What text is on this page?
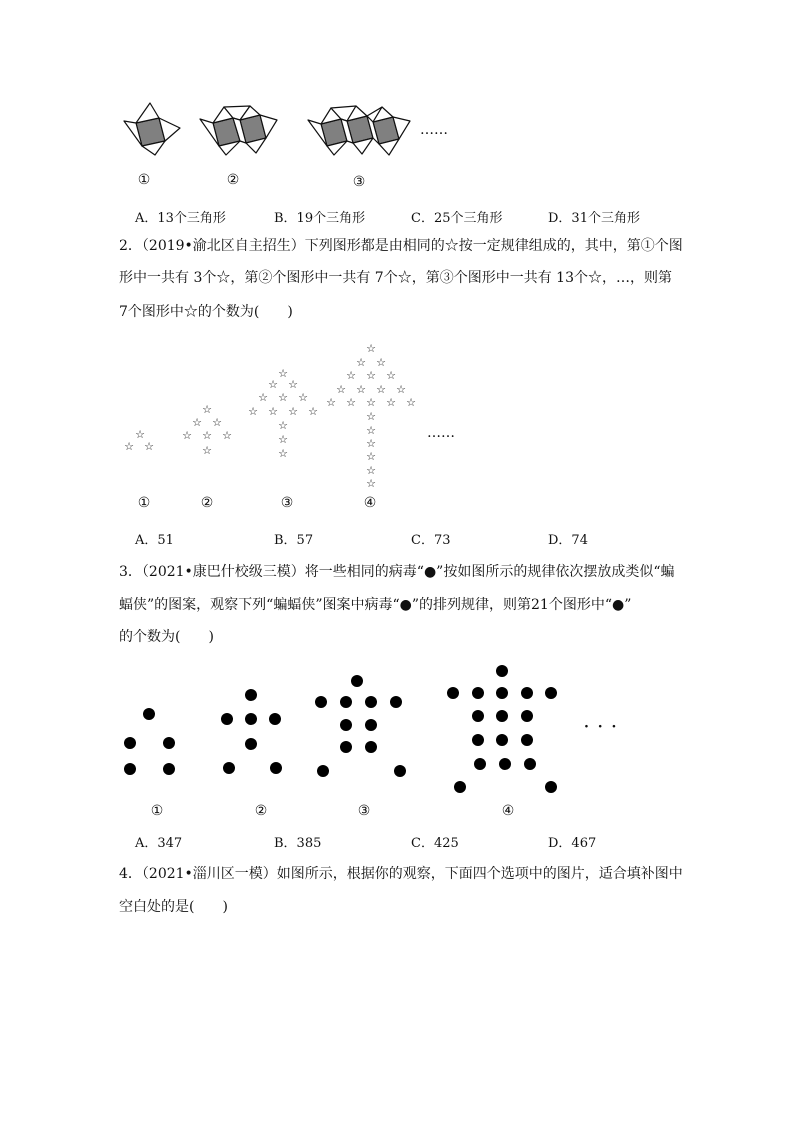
☆
☆ ☆
☆
☆ ☆
☆ ☆ ☆
☆
☆
☆ ☆
☆ ☆ ☆
☆ ☆ ☆ ☆
☆
☆
☆
☆
☆ ☆
☆ ☆ ☆
☆ ☆ ☆ ☆
☆ ☆ ☆ ☆ ☆
☆
☆
☆
☆
☆
☆
……
①	②	③
A．13个三角形	B．19个三角形	C．25个三角形	D．31个三角形
2．（2019•渝北区自主招生）下列图形都是由相同的☆按一定规律组成的，其中，第①个图
形中一共有 3个☆，第②个图形中一共有 7个☆，第③个图形中一共有 13个☆，…，则第
7个图形中☆的个数为(　　)
……
①	②	③	④
A．51	B．57	C．73	D．74
3．（2021•康巴什校级三模）将一些相同的病毒“●”按如图所示的规律依次摆放成类似“蝙
蝠侠”的图案，观察下列“蝙蝠侠”图案中病毒“●”的排列规律，则第21个图形中“●”
的个数为(　　)
· · ·
①	②	③	④
A．347	B．385	C．425	D．467
4．（2021•淄川区一模）如图所示，根据你的观察，下面四个选项中的图片，适合填补图中
空白处的是(　　)
